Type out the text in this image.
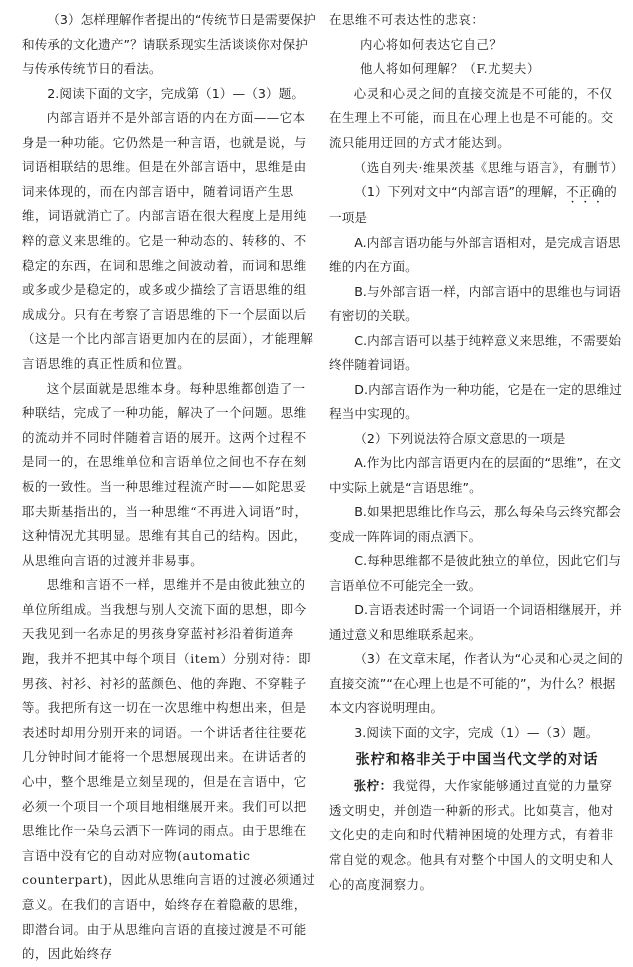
（3）怎样理解作者提出的“传统节日是需要保护和传承的文化遗产”？请联系现实生活谈谈你对保护与传承传统节日的看法。

2.阅读下面的文字，完成第（1）—（3）题。

内部言语并不是外部言语的内在方面——它本身是一种功能。它仍然是一种言语，也就是说，与词语相联结的思维。但是在外部言语中，思维是由词来体现的，而在内部言语中，随着词语产生思维，词语就消亡了。内部言语在很大程度上是用纯粹的意义来思维的。它是一种动态的、转移的、不稳定的东西，在词和思维之间波动着，而词和思维或多或少是稳定的，或多或少描绘了言语思维的组成成分。只有在考察了言语思维的下一个层面以后（这是一个比内部言语更加内在的层面），才能理解言语思维的真正性质和位置。

这个层面就是思维本身。每种思维都创造了一种联结，完成了一种功能，解决了一个问题。思维的流动并不同时伴随着言语的展开。这两个过程不是同一的，在思维单位和言语单位之间也不存在刻板的一致性。当一种思维过程流产时——如陀思妥耶夫斯基指出的，当一种思维“不再进入词语”时，这种情况尤其明显。思维有其自己的结构。因此，从思维向言语的过渡并非易事。

思维和言语不一样，思维并不是由彼此独立的单位所组成。当我想与别人交流下面的思想，即今天我见到一名赤足的男孩身穿蓝衬衫沿着街道奔跑，我并不把其中每个项目（item）分别对待：即男孩、衬衫、衬衫的蓝颜色、他的奔跑、不穿鞋子等。我把所有这一切在一次思维中构想出来，但是表述时却用分别开来的词语。一个讲话者往往要花几分钟时间才能将一个思想展现出来。在讲话者的心中，整个思维是立刻呈现的，但是在言语中，它必须一个项目一个项目地相继展开来。我们可以把思维比作一朵乌云洒下一阵词的雨点。由于思维在言语中没有它的自动对应物(automatic counterpart)，因此从思维向言语的过渡必须通过意义。在我们的言语中，始终存在着隐蔽的思维，即潜台词。由于从思维向言语的直接过渡是不可能的，因此始终存

在思维不可表达性的悲哀：

内心将如何表达它自己？

他人将如何理解？（F.尤契夫）

心灵和心灵之间的直接交流是不可能的，不仅在生理上不可能，而且在心理上也是不可能的。交流只能用迂回的方式才能达到。

（选自列夫·维果茨基《思维与语言》，有删节）

（1）下列对文中“内部言语”的理解，不正确的一项是

A.内部言语功能与外部言语相对，是完成言语思维的内在方面。

B.与外部言语一样，内部言语中的思维也与词语有密切的关联。

C.内部言语可以基于纯粹意义来思维，不需要始终伴随着词语。

D.内部言语作为一种功能，它是在一定的思维过程当中实现的。

（2）下列说法符合原文意思的一项是

A.作为比内部言语更内在的层面的“思维”，在文中实际上就是“言语思维”。

B.如果把思维比作乌云，那么每朵乌云终究都会变成一阵阵词的雨点洒下。

C.每种思维都不是彼此独立的单位，因此它们与言语单位不可能完全一致。

D.言语表述时需一个词语一个词语相继展开，并通过意义和思维联系起来。

（3）在文章末尾，作者认为“心灵和心灵之间的直接交流”“在心理上也是不可能的”，为什么？根据本文内容说明理由。

3.阅读下面的文字，完成（1）—（3）题。

张柠和格非关于中国当代文学的对话

张柠：我觉得，大作家能够通过直觉的力量穿透文明史，并创造一种新的形式。比如莫言，他对文化史的走向和时代精神困境的处理方式，有着非常自觉的观念。他具有对整个中国人的文明史和人心的高度洞察力。
